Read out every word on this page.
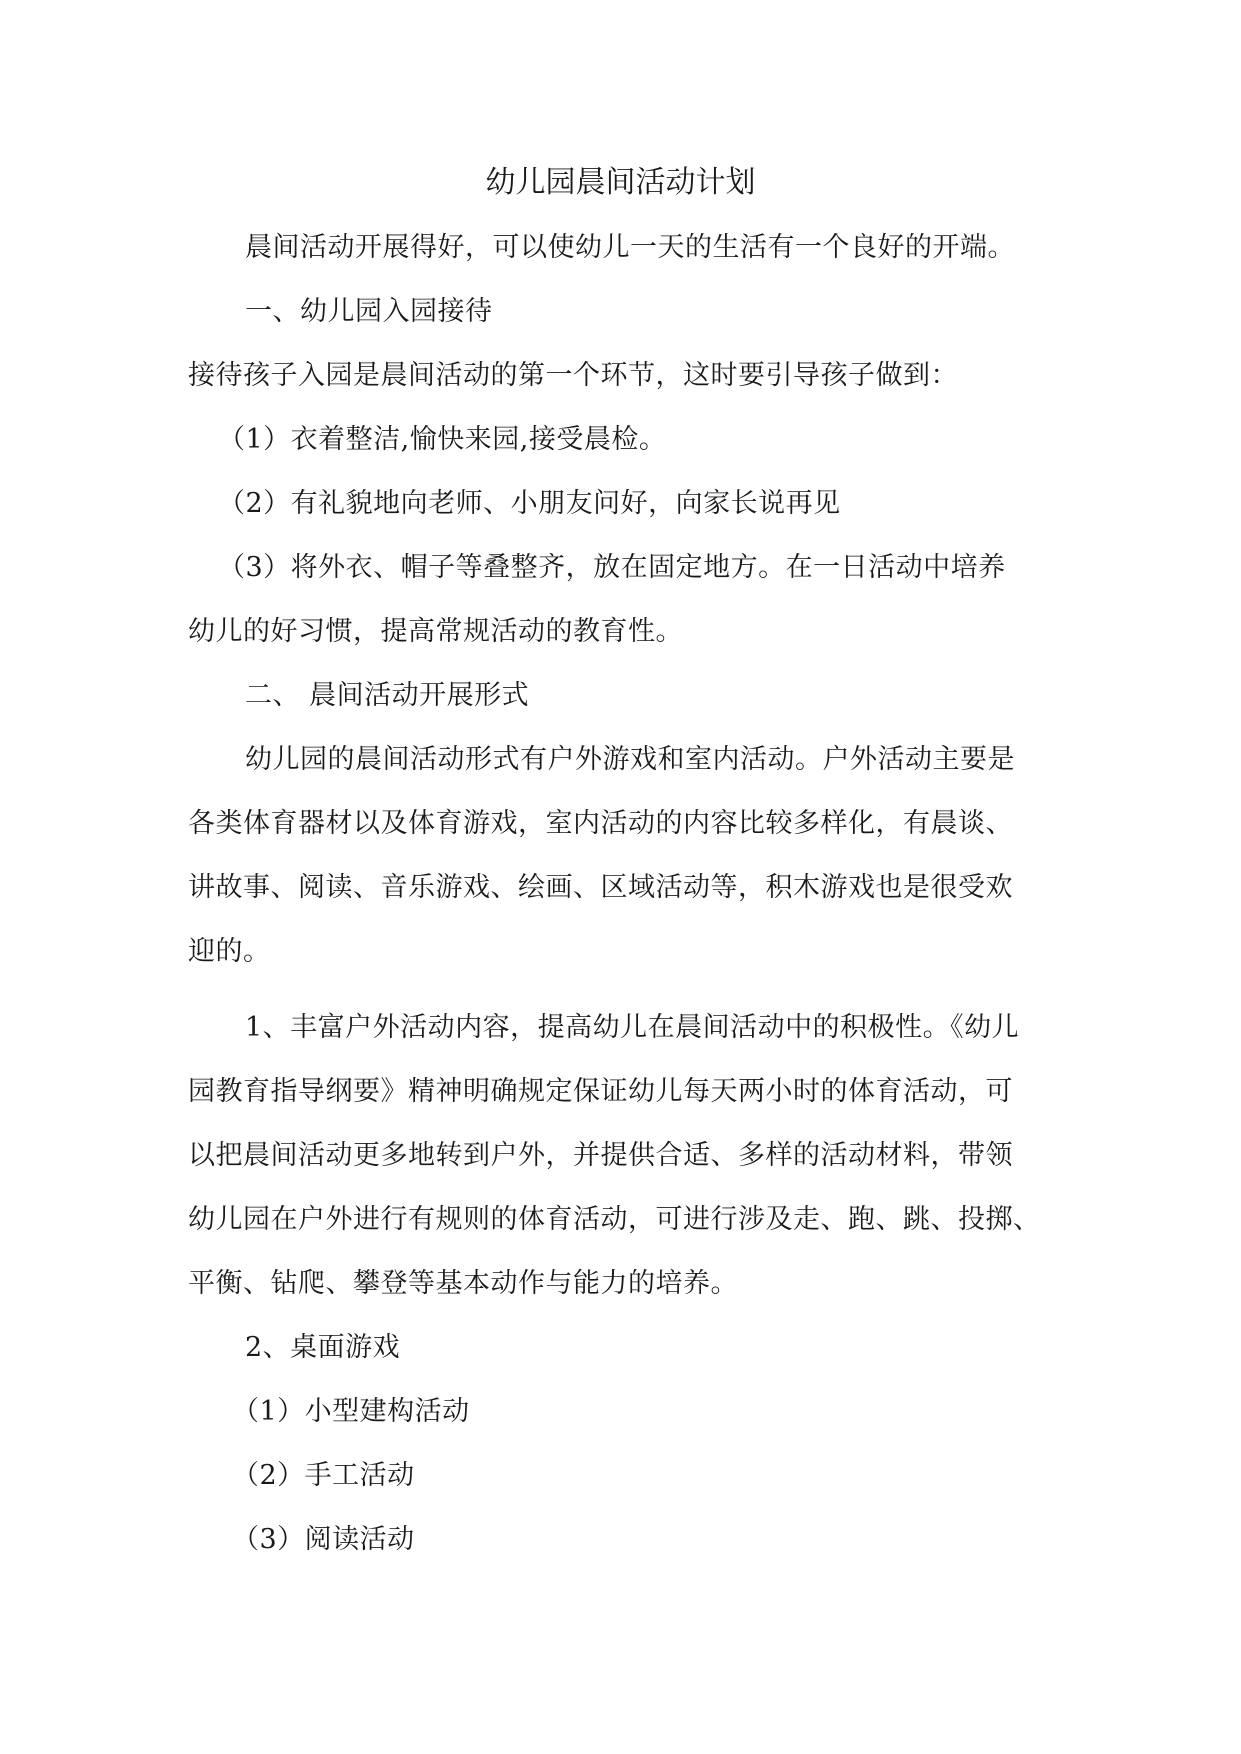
幼儿园晨间活动计划
晨间活动开展得好，可以使幼儿一天的生活有一个良好的开端。
一、幼儿园入园接待
接待孩子入园是晨间活动的第一个环节，这时要引导孩子做到：
（1）衣着整洁,愉快来园,接受晨检。
（2）有礼貌地向老师、小朋友问好，向家长说再见
（3）将外衣、帽子等叠整齐，放在固定地方。在一日活动中培养
幼儿的好习惯，提高常规活动的教育性。
二、 晨间活动开展形式
幼儿园的晨间活动形式有户外游戏和室内活动。户外活动主要是
各类体育器材以及体育游戏，室内活动的内容比较多样化，有晨谈、
讲故事、阅读、音乐游戏、绘画、区域活动等，积木游戏也是很受欢
迎的。
1、丰富户外活动内容，提高幼儿在晨间活动中的积极性。《幼儿
园教育指导纲要》精神明确规定保证幼儿每天两小时的体育活动，可
以把晨间活动更多地转到户外，并提供合适、多样的活动材料，带领
幼儿园在户外进行有规则的体育活动，可进行涉及走、跑、跳、投掷、
平衡、钻爬、攀登等基本动作与能力的培养。
2、桌面游戏
（1）小型建构活动
（2）手工活动
（3）阅读活动
